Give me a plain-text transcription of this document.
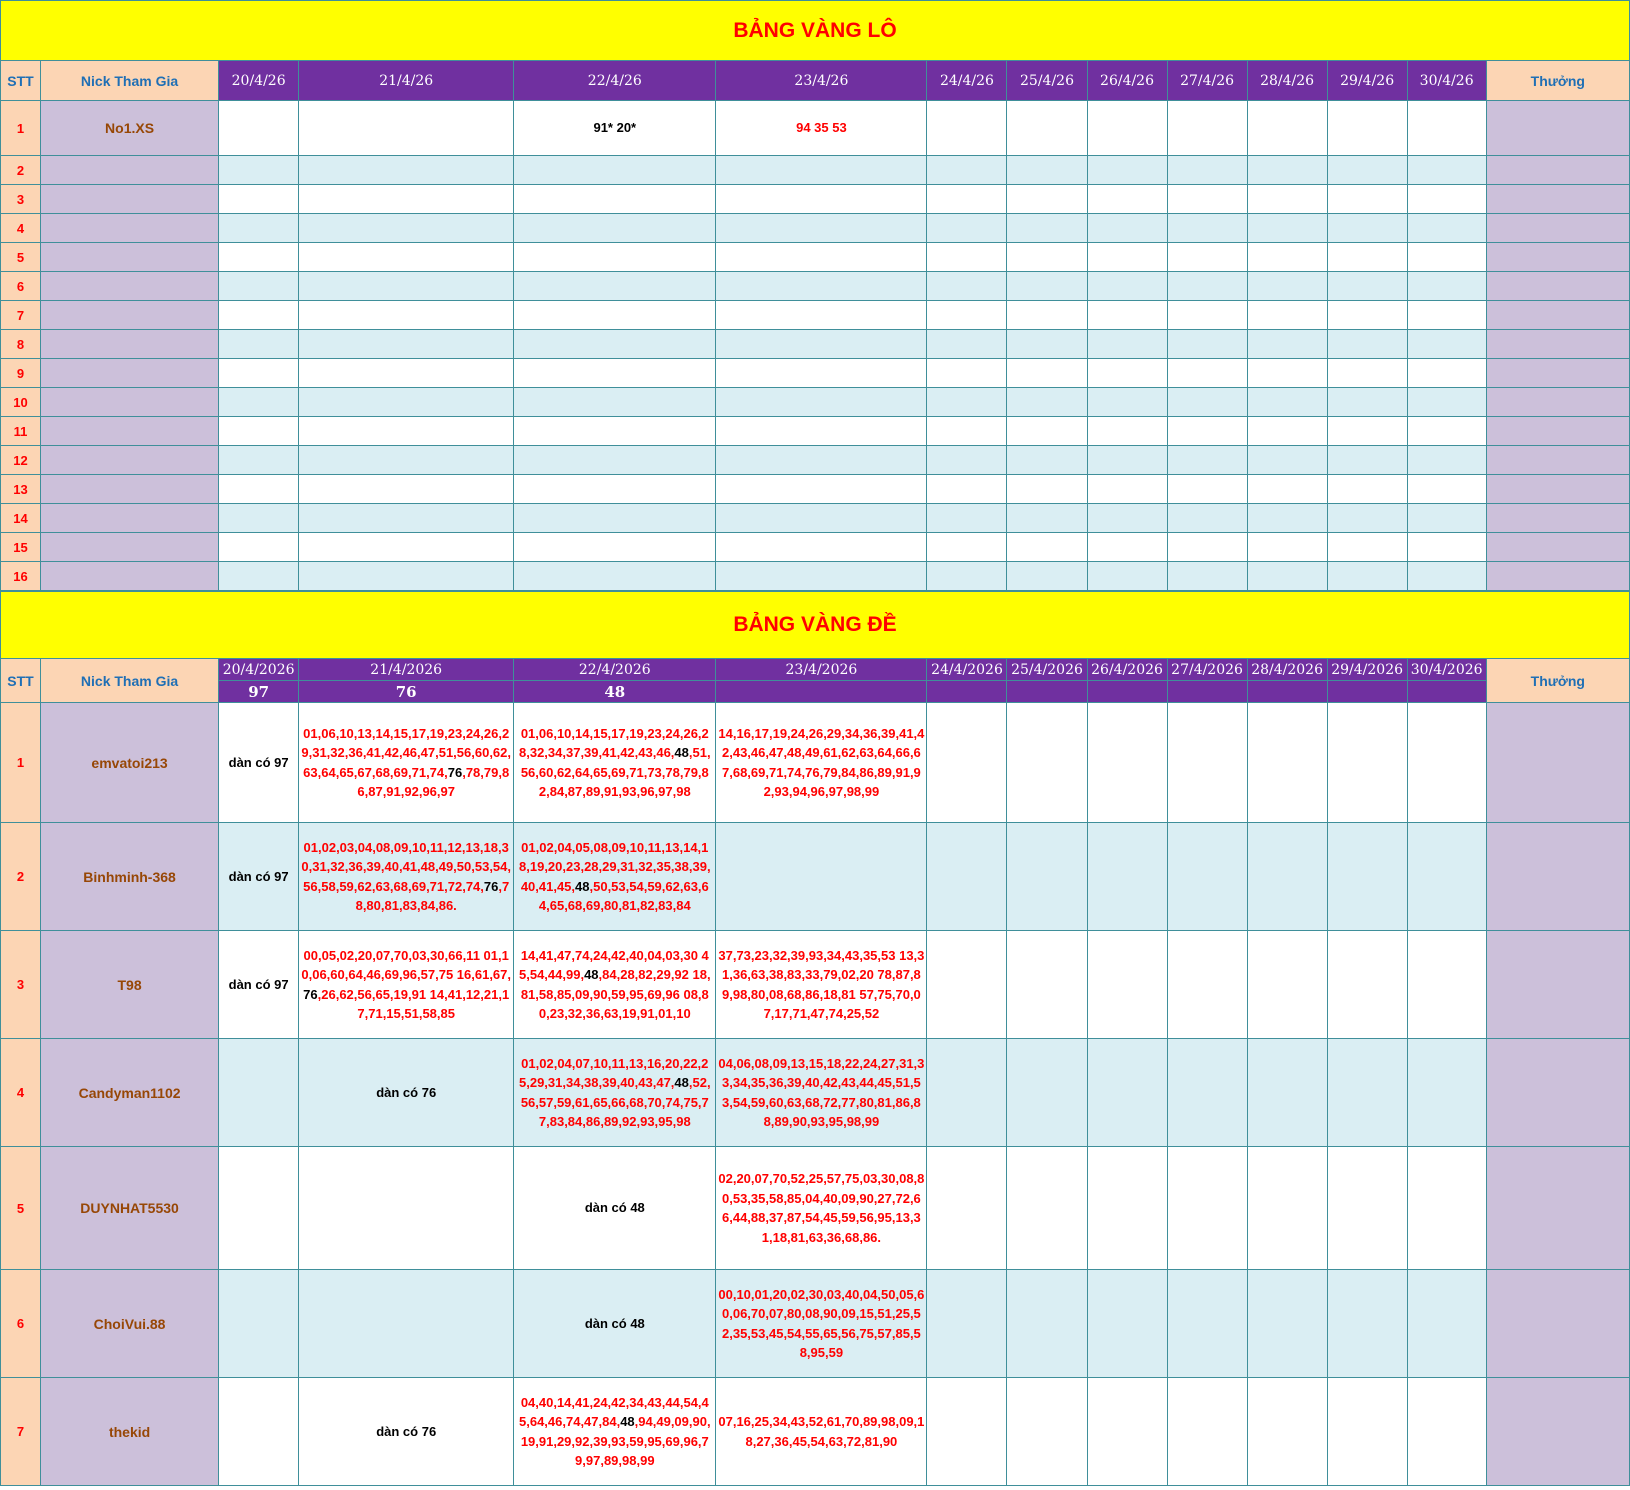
BẢNG VÀNG LÔ													
STT	Nick Tham Gia	20/4/26	21/4/26	22/4/26	23/4/26	24/4/26	25/4/26	26/4/26	27/4/26	28/4/26	29/4/26	30/4/26	Thưởng
1	No1.XS			91* 20*	94 35 53								
2													
3													
4													
5													
6													
7													
8													
9													
10													
11													
12													
13													
14													
15													
16													
BẢNG VÀNG ĐỀ													
STT	Nick Tham Gia	20/4/2026	21/4/2026	22/4/2026	23/4/2026	24/4/2026	25/4/2026	26/4/2026	27/4/2026	28/4/2026	29/4/2026	30/4/2026	Thưởng
		97	76	48									
1	emvatoi213	dàn có 97	01,06,10,13,14,15,17,19,23,24,26,29,31,32,36,41,42,46,47,51,56,60,62,63,64,65,67,68,69,71,74,76,78,79,86,87,91,92,96,97	01,06,10,14,15,17,19,23,24,26,28,32,34,37,39,41,42,43,46,48,51,56,60,62,64,65,69,71,73,78,79,82,84,87,89,91,93,96,97,98	14,16,17,19,24,26,29,34,36,39,41,42,43,46,47,48,49,61,62,63,64,66,67,68,69,71,74,76,79,84,86,89,91,92,93,94,96,97,98,99								
2	Binhminh-368	dàn có 97	01,02,03,04,08,09,10,11,12,13,18,30,31,32,36,39,40,41,48,49,50,53,54,56,58,59,62,63,68,69,71,72,74,76,78,80,81,83,84,86.	01,02,04,05,08,09,10,11,13,14,18,19,20,23,28,29,31,32,35,38,39,40,41,45,48,50,53,54,59,62,63,64,65,68,69,80,81,82,83,84									
3	T98	dàn có 97	00,05,02,20,07,70,03,30,66,11 01,10,06,60,64,46,69,96,57,75 16,61,67,76,26,62,56,65,19,91 14,41,12,21,17,71,15,51,58,85	14,41,47,74,24,42,40,04,03,30 45,54,44,99,48,84,28,82,29,92 18,81,58,85,09,90,59,95,69,96 08,80,23,32,36,63,19,91,01,10	37,73,23,32,39,93,34,43,35,53 13,31,36,63,38,83,33,79,02,20 78,87,89,98,80,08,68,86,18,81 57,75,70,07,17,71,47,74,25,52								
4	Candyman1102		dàn có 76	01,02,04,07,10,11,13,16,20,22,25,29,31,34,38,39,40,43,47,48,52,56,57,59,61,65,66,68,70,74,75,77,83,84,86,89,92,93,95,98	04,06,08,09,13,15,18,22,24,27,31,33,34,35,36,39,40,42,43,44,45,51,53,54,59,60,63,68,72,77,80,81,86,88,89,90,93,95,98,99								
5	DUYNHAT5530			dàn có 48	02,20,07,70,52,25,57,75,03,30,08,80,53,35,58,85,04,40,09,90,27,72,66,44,88,37,87,54,45,59,56,95,13,31,18,81,63,36,68,86.								
6	ChoiVui.88			dàn có 48	00,10,01,20,02,30,03,40,04,50,05,60,06,70,07,80,08,90,09,15,51,25,52,35,53,45,54,55,65,56,75,57,85,58,95,59								
7	thekid		dàn có 76	04,40,14,41,24,42,34,43,44,54,45,64,46,74,47,84,48,94,49,09,90,19,91,29,92,39,93,59,95,69,96,79,97,89,98,99	07,16,25,34,43,52,61,70,89,98,09,18,27,36,45,54,63,72,81,90								
